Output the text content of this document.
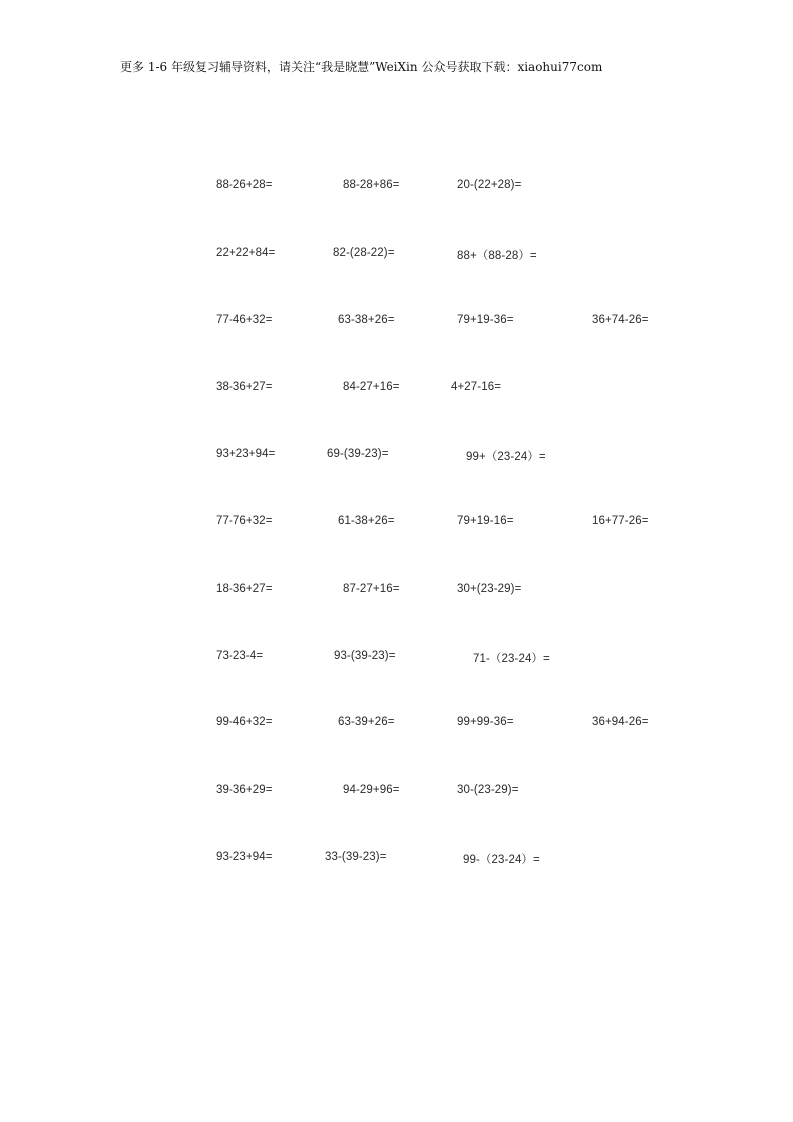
更多 1-6 年级复习辅导资料，请关注“我是晓慧”WeiXin 公众号获取下载：xiaohui77com
88-26+28=	88-28+86=	20-(22+28)=
22+22+84=	82-(28-22)=	88+（88-28）=
77-46+32=	63-38+26=	79+19-36=	36+74-26=
38-36+27=	84-27+16=	4+27-16=
93+23+94=	69-(39-23)=	99+（23-24）=
77-76+32=	61-38+26=	79+19-16=	16+77-26=
18-36+27=	87-27+16=	30+(23-29)=
73-23-4=	93-(39-23)=	71-（23-24）=
99-46+32=	63-39+26=	99+99-36=	36+94-26=
39-36+29=	94-29+96=	30-(23-29)=
93-23+94=	33-(39-23)=	99-（23-24）=
